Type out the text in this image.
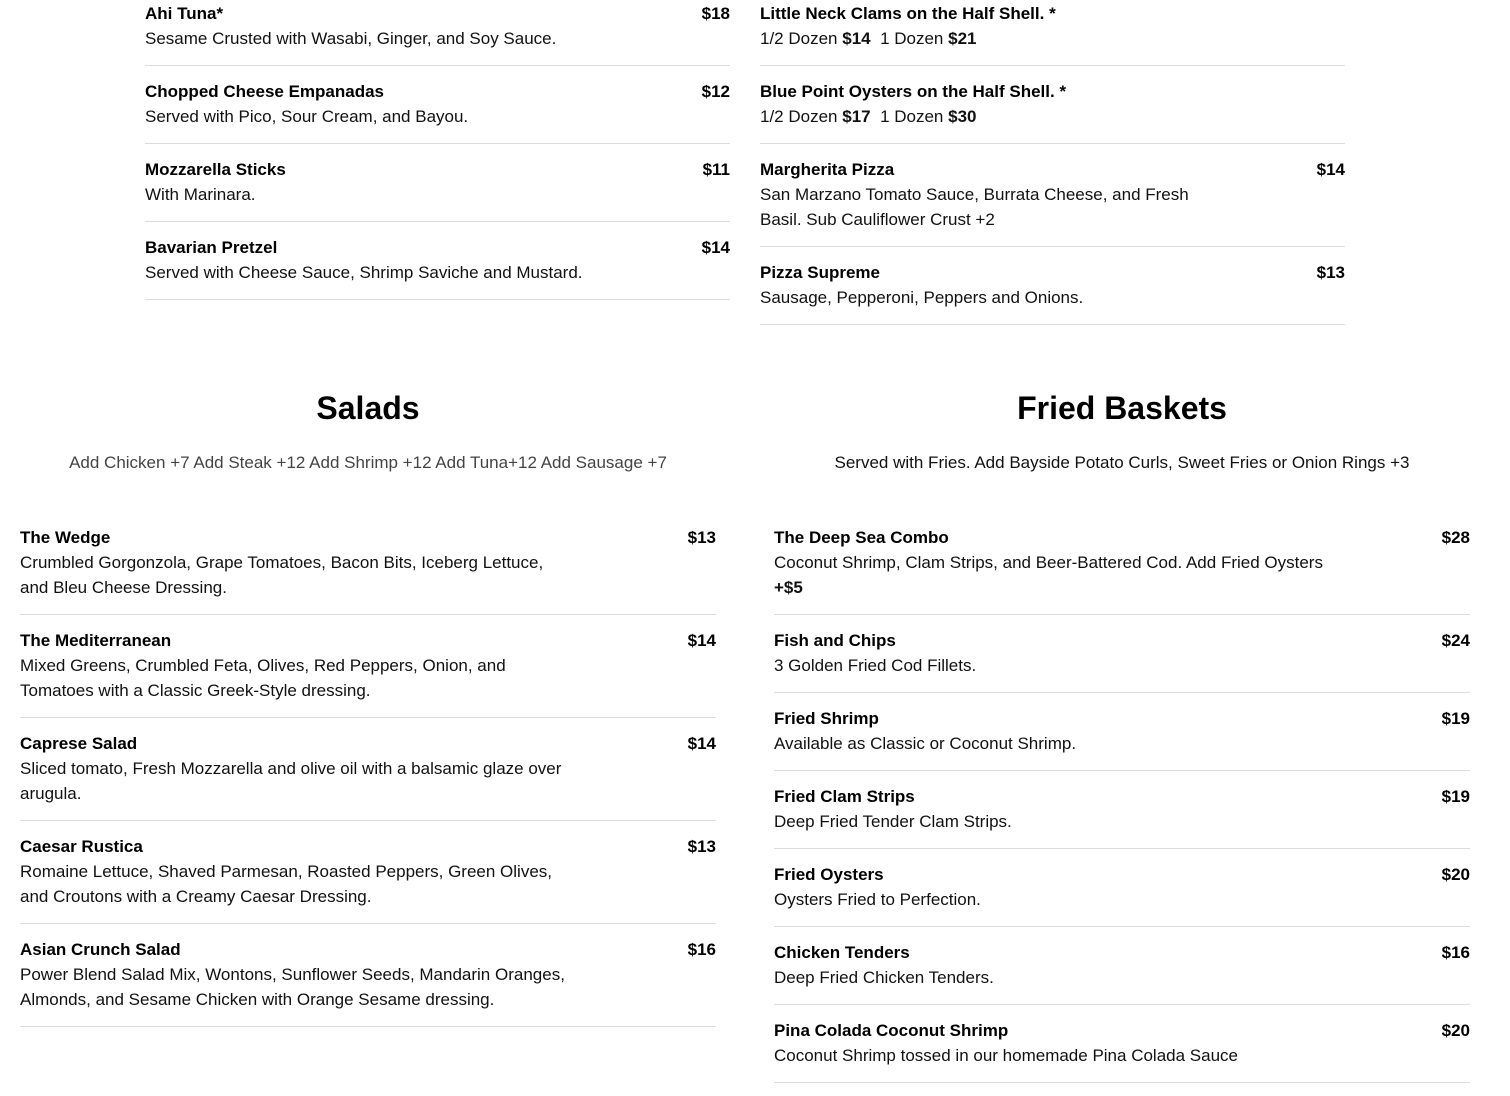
Ahi Tuna*	$18
Sesame Crusted with Wasabi, Ginger, and Soy Sauce.
Chopped Cheese Empanadas	$12
Served with Pico, Sour Cream, and Bayou.
Mozzarella Sticks	$11
With Marinara.
Bavarian Pretzel	$14
Served with Cheese Sauce, Shrimp Saviche and Mustard.
Little Neck Clams on the Half Shell. *
1/2 Dozen $14 1 Dozen $21
Blue Point Oysters on the Half Shell. *
1/2 Dozen $17 1 Dozen $30
Margherita Pizza	$14
San Marzano Tomato Sauce, Burrata Cheese, and Fresh Basil. Sub Cauliflower Crust +2
Pizza Supreme	$13
Sausage, Pepperoni, Peppers and Onions.
Salads
Add Chicken +7 Add Steak +12 Add Shrimp +12 Add Tuna+12 Add Sausage +7
Fried Baskets
Served with Fries. Add Bayside Potato Curls, Sweet Fries or Onion Rings +3
The Wedge	$13
Crumbled Gorgonzola, Grape Tomatoes, Bacon Bits, Iceberg Lettuce, and Bleu Cheese Dressing.
The Mediterranean	$14
Mixed Greens, Crumbled Feta, Olives, Red Peppers, Onion, and Tomatoes with a Classic Greek-Style dressing.
Caprese Salad	$14
Sliced tomato, Fresh Mozzarella and olive oil with a balsamic glaze over arugula.
Caesar Rustica	$13
Romaine Lettuce, Shaved Parmesan, Roasted Peppers, Green Olives, and Croutons with a Creamy Caesar Dressing.
Asian Crunch Salad	$16
Power Blend Salad Mix, Wontons, Sunflower Seeds, Mandarin Oranges, Almonds, and Sesame Chicken with Orange Sesame dressing.
The Deep Sea Combo	$28
Coconut Shrimp, Clam Strips, and Beer-Battered Cod. Add Fried Oysters +$5
Fish and Chips	$24
3 Golden Fried Cod Fillets.
Fried Shrimp	$19
Available as Classic or Coconut Shrimp.
Fried Clam Strips	$19
Deep Fried Tender Clam Strips.
Fried Oysters	$20
Oysters Fried to Perfection.
Chicken Tenders	$16
Deep Fried Chicken Tenders.
Pina Colada Coconut Shrimp	$20
Coconut Shrimp tossed in our homemade Pina Colada Sauce
